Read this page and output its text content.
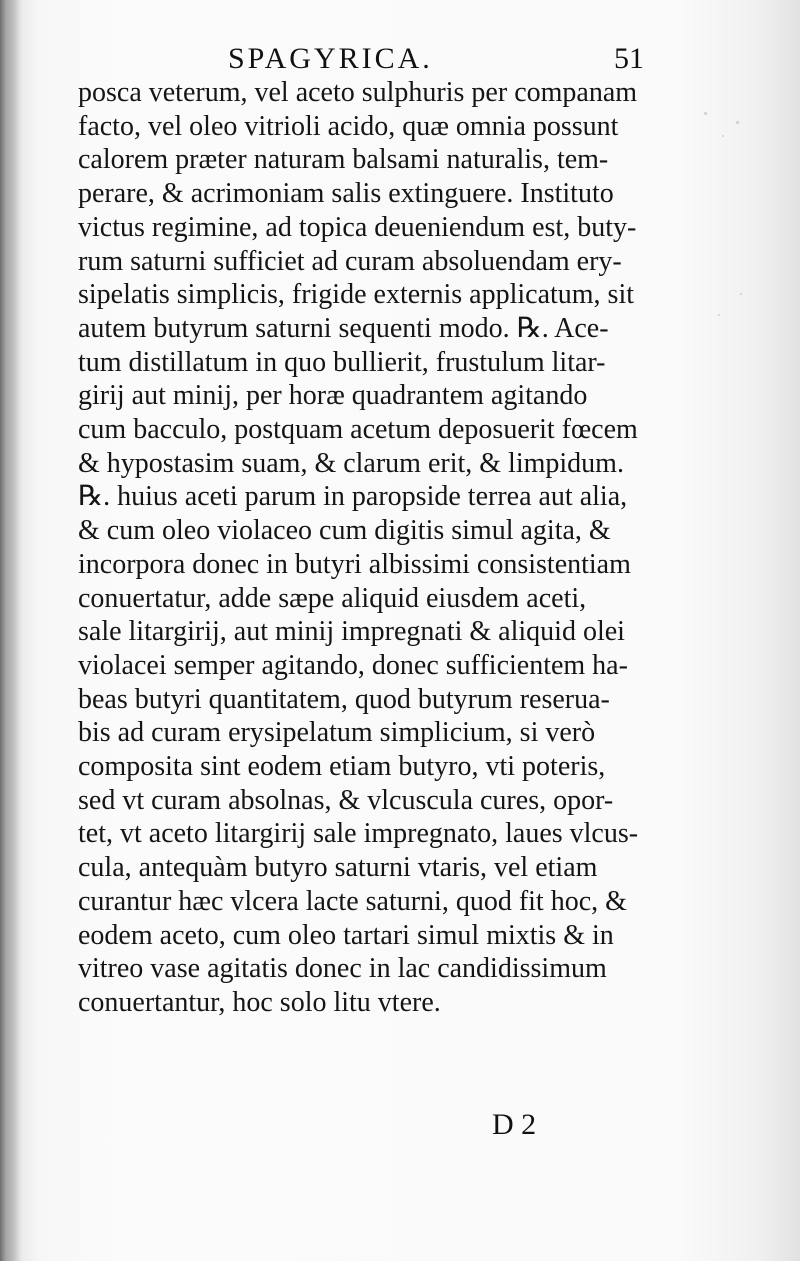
SPAGYRICA.	51
posca veterum, vel aceto sulphuris per companam
facto, vel oleo vitrioli acido, quæ omnia possunt
calorem præter naturam balsami naturalis, tem-
perare, & acrimoniam salis extinguere. Instituto
victus regimine, ad topica deueniendum est, buty-
rum saturni sufficiet ad curam absoluendam ery-
sipelatis simplicis, frigide externis applicatum, sit
autem butyrum saturni sequenti modo. ℞. Ace-
tum distillatum in quo bullierit, frustulum litar-
girij aut minij, per horæ quadrantem agitando
cum bacculo, postquam acetum deposuerit fœcem
& hypostasim suam, & clarum erit, & limpidum.
℞. huius aceti parum in paropside terrea aut alia,
& cum oleo violaceo cum digitis simul agita, &
incorpora donec in butyri albissimi consistentiam
conuertatur, adde sæpe aliquid eiusdem aceti,
sale litargirij, aut minij impregnati & aliquid olei
violacei semper agitando, donec sufficientem ha-
beas butyri quantitatem, quod butyrum reserua-
bis ad curam erysipelatum simplicium, si verò
composita sint eodem etiam butyro, vti poteris,
sed vt curam absolnas, & vlcuscula cures, opor-
tet, vt aceto litargirij sale impregnato, laues vlcus-
cula, antequàm butyro saturni vtaris, vel etiam
curantur hæc vlcera lacte saturni, quod fit hoc, &
eodem aceto, cum oleo tartari simul mixtis & in
vitreo vase agitatis donec in lac candidissimum
conuertantur, hoc solo litu vtere.
D 2
